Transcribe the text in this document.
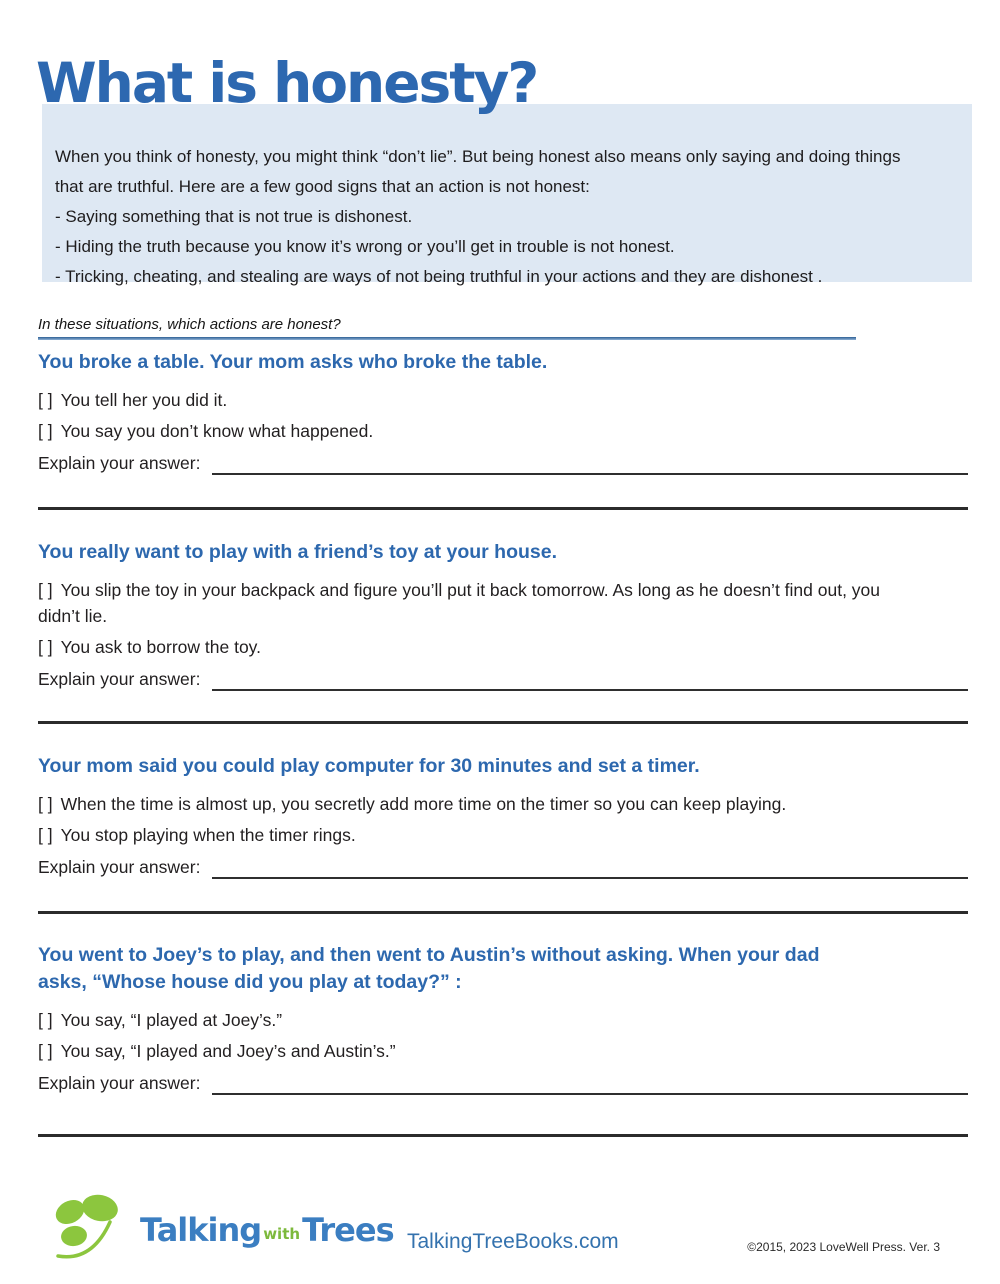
What is honesty?
When you think of honesty, you might think “don’t lie”. But being honest also means only saying and doing things that are truthful. Here are a few good signs that an action is not honest:
- Saying something that is not true is dishonest.
- Hiding the truth because you know it’s wrong or you’ll get in trouble is not honest.
- Tricking, cheating, and stealing are ways of not being truthful in your actions and they are dishonest .
In these situations, which actions are honest?
You broke a table. Your mom asks who broke the table.
[ ] You tell her you did it.
[ ] You say you don’t know what happened.
Explain your answer:
You really want to play with a friend’s toy at your house.
[ ] You slip the toy in your backpack and figure you’ll put it back tomorrow. As long as he doesn’t find out, you didn’t lie.
[ ] You ask to borrow the toy.
Explain your answer:
Your mom said you could play computer for 30 minutes and set a timer.
[ ] When the time is almost up, you secretly add more time on the timer so you can keep playing.
[ ] You stop playing when the timer rings.
Explain your answer:
You went to Joey’s to play, and then went to Austin’s without asking. When your dad asks, “Whose house did you play at today?” :
[ ] You say, “I played at Joey’s.”
[ ] You say, “I played and Joey’s and Austin’s.”
Explain your answer:
Talking with Trees TalkingTreeBooks.com	©2015, 2023 LoveWell Press. Ver. 3
